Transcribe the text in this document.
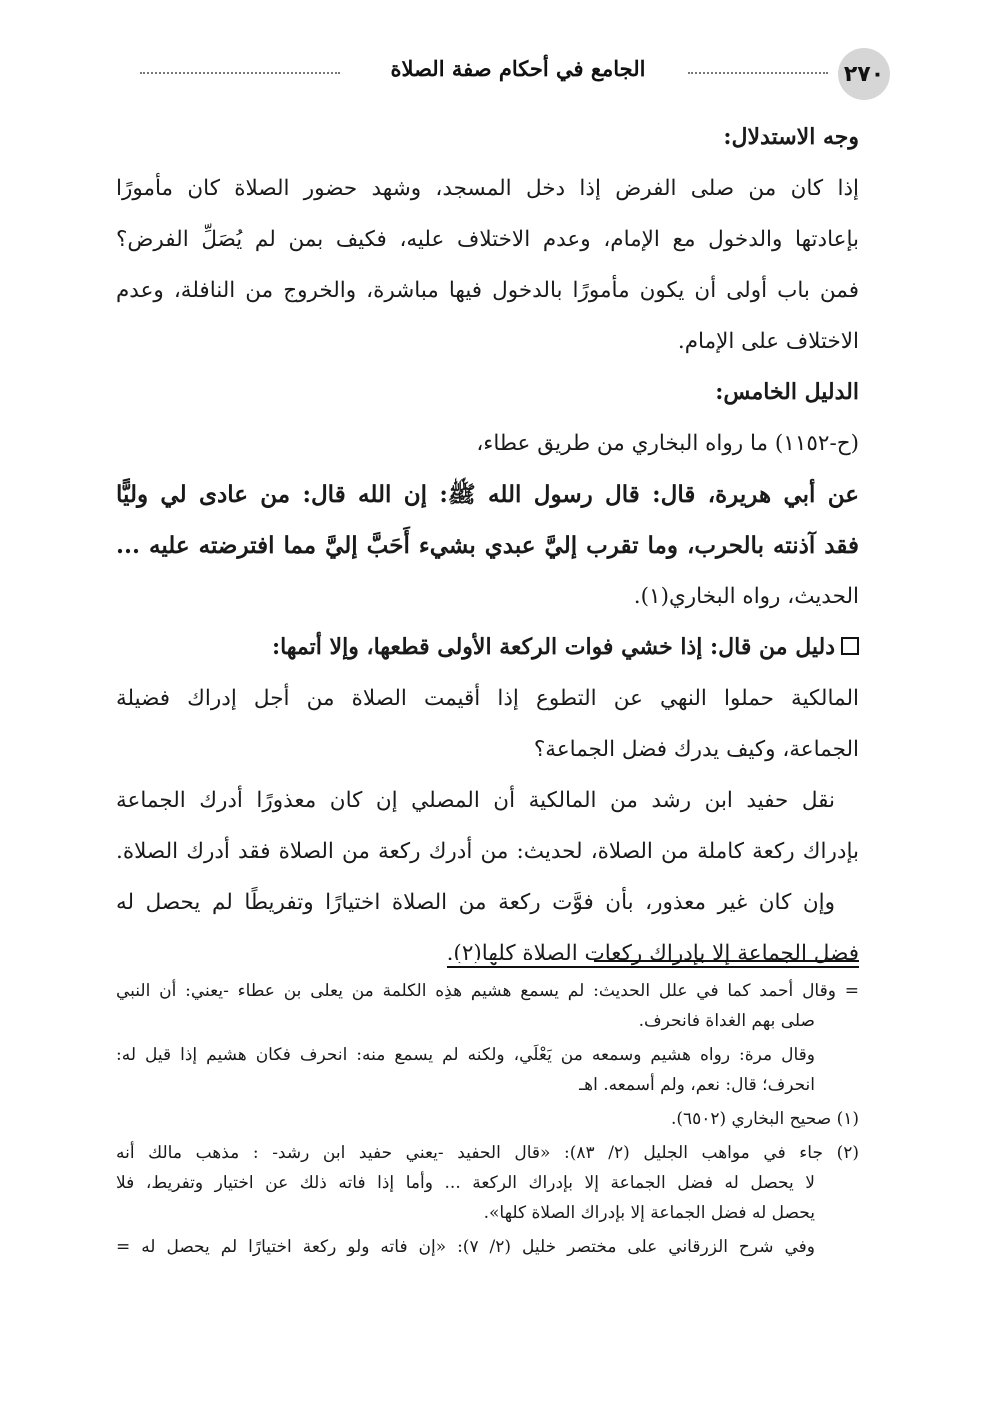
٢٧٠
الجامع في أحكام صفة الصلاة
وجه الاستدلال:
إذا كان من صلى الفرض إذا دخل المسجد، وشهد حضور الصلاة كان مأمورًا
بإعادتها والدخول مع الإمام، وعدم الاختلاف عليه، فكيف بمن لم يُصَلِّ الفرض؟
فمن باب أولى أن يكون مأمورًا بالدخول فيها مباشرة، والخروج من النافلة، وعدم
الاختلاف على الإمام.
الدليل الخامس:
(ح-١١٥٢) ما رواه البخاري من طريق عطاء،
عن أبي هريرة، قال: قال رسول الله ﷺ: إن الله قال: من عادى لي وليًّا
فقد آذنته بالحرب، وما تقرب إليَّ عبدي بشيء أَحَبَّ إليَّ مما افترضته عليه ...
الحديث، رواه البخاري(١).
دليل من قال: إذا خشي فوات الركعة الأولى قطعها، وإلا أتمها:
المالكية حملوا النهي عن التطوع إذا أقيمت الصلاة من أجل إدراك فضيلة
الجماعة، وكيف يدرك فضل الجماعة؟
نقل حفيد ابن رشد من المالكية أن المصلي إن كان معذورًا أدرك الجماعة
بإدراك ركعة كاملة من الصلاة، لحديث: من أدرك ركعة من الصلاة فقد أدرك الصلاة.
وإن كان غير معذور، بأن فوَّت ركعة من الصلاة اختيارًا وتفريطًا لم يحصل له
فضل الجماعة إلا بإدراك ركعات الصلاة كلها(٢).
= وقال أحمد كما في علل الحديث: لم يسمع هشيم هذِه الكلمة من يعلى بن عطاء -يعني: أن النبي
صلى بهم الغداة فانحرف.
وقال مرة: رواه هشيم وسمعه من يَعْلَي، ولكنه لم يسمع منه: انحرف فكان هشيم إذا قيل له:
انحرف؛ قال: نعم، ولم أسمعه. اهـ
(١) صحيح البخاري (٦٥٠٢).
(٢) جاء في مواهب الجليل (٢/ ٨٣): «قال الحفيد -يعني حفيد ابن رشد- : مذهب مالك أنه
لا يحصل له فضل الجماعة إلا بإدراك الركعة ... وأما إذا فاته ذلك عن اختيار وتفريط، فلا
يحصل له فضل الجماعة إلا بإدراك الصلاة كلها».
وفي شرح الزرقاني على مختصر خليل (٢/ ٧): «إن فاته ولو ركعة اختيارًا لم يحصل له =
